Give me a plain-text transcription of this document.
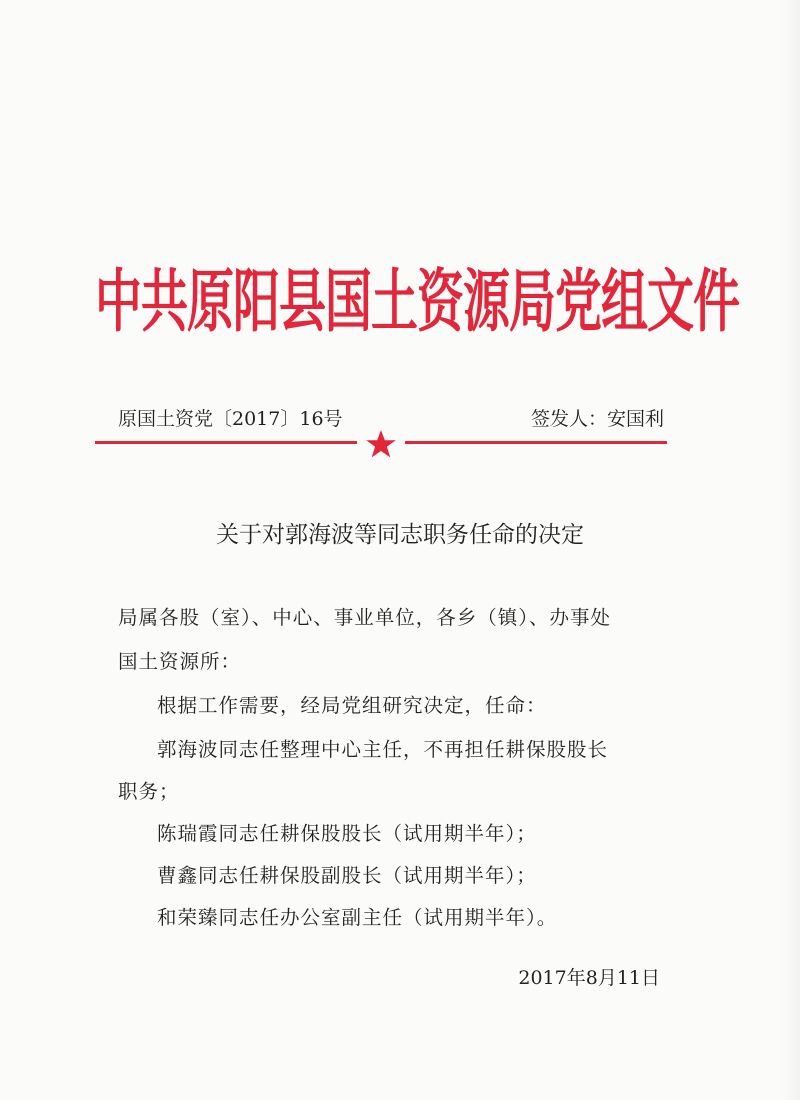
中共原阳县国土资源局党组文件
原国土资党〔2017〕16号	签发人：安国利
关于对郭海波等同志职务任命的决定
局属各股（室）、中心、事业单位，各乡（镇）、办事处
国土资源所：
根据工作需要，经局党组研究决定，任命：
郭海波同志任整理中心主任，不再担任耕保股股长
职务；
陈瑞霞同志任耕保股股长（试用期半年）；
曹鑫同志任耕保股副股长（试用期半年）；
和荣臻同志任办公室副主任（试用期半年）。
2017年8月11日
